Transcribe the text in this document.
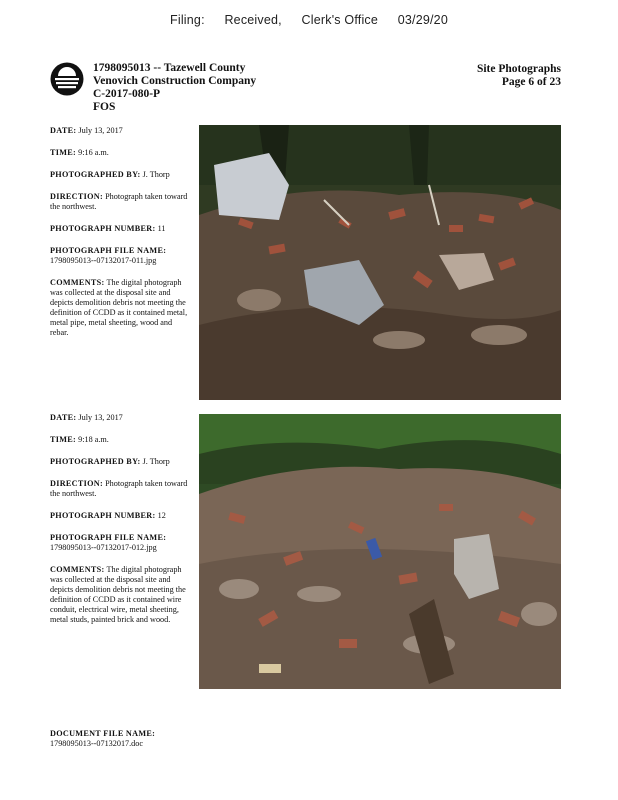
Filing: Received, Clerk's Office 03/29/20
1798095013 -- Tazewell County
Venovich Construction Company
C-2017-080-P
FOS
Site Photographs
Page 6 of 23
DATE: July 13, 2017
TIME: 9:16 a.m.
PHOTOGRAPHED BY: J. Thorp
DIRECTION: Photograph taken toward the northwest.
PHOTOGRAPH NUMBER: 11
PHOTOGRAPH FILE NAME:
1798095013--07132017-011.jpg
COMMENTS: The digital photograph was collected at the disposal site and depicts demolition debris not meeting the definition of CCDD as it contained metal, metal pipe, metal sheeting, wood and rebar.
DATE: July 13, 2017
TIME: 9:18 a.m.
PHOTOGRAPHED BY: J. Thorp
DIRECTION: Photograph taken toward the northwest.
PHOTOGRAPH NUMBER: 12
PHOTOGRAPH FILE NAME:
1798095013--07132017-012.jpg
COMMENTS: The digital photograph was collected at the disposal site and depicts demolition debris not meeting the definition of CCDD as it contained wire conduit, electrical wire, metal sheeting, metal studs, painted brick and wood.
DOCUMENT FILE NAME:
1798095013--07132017.doc
